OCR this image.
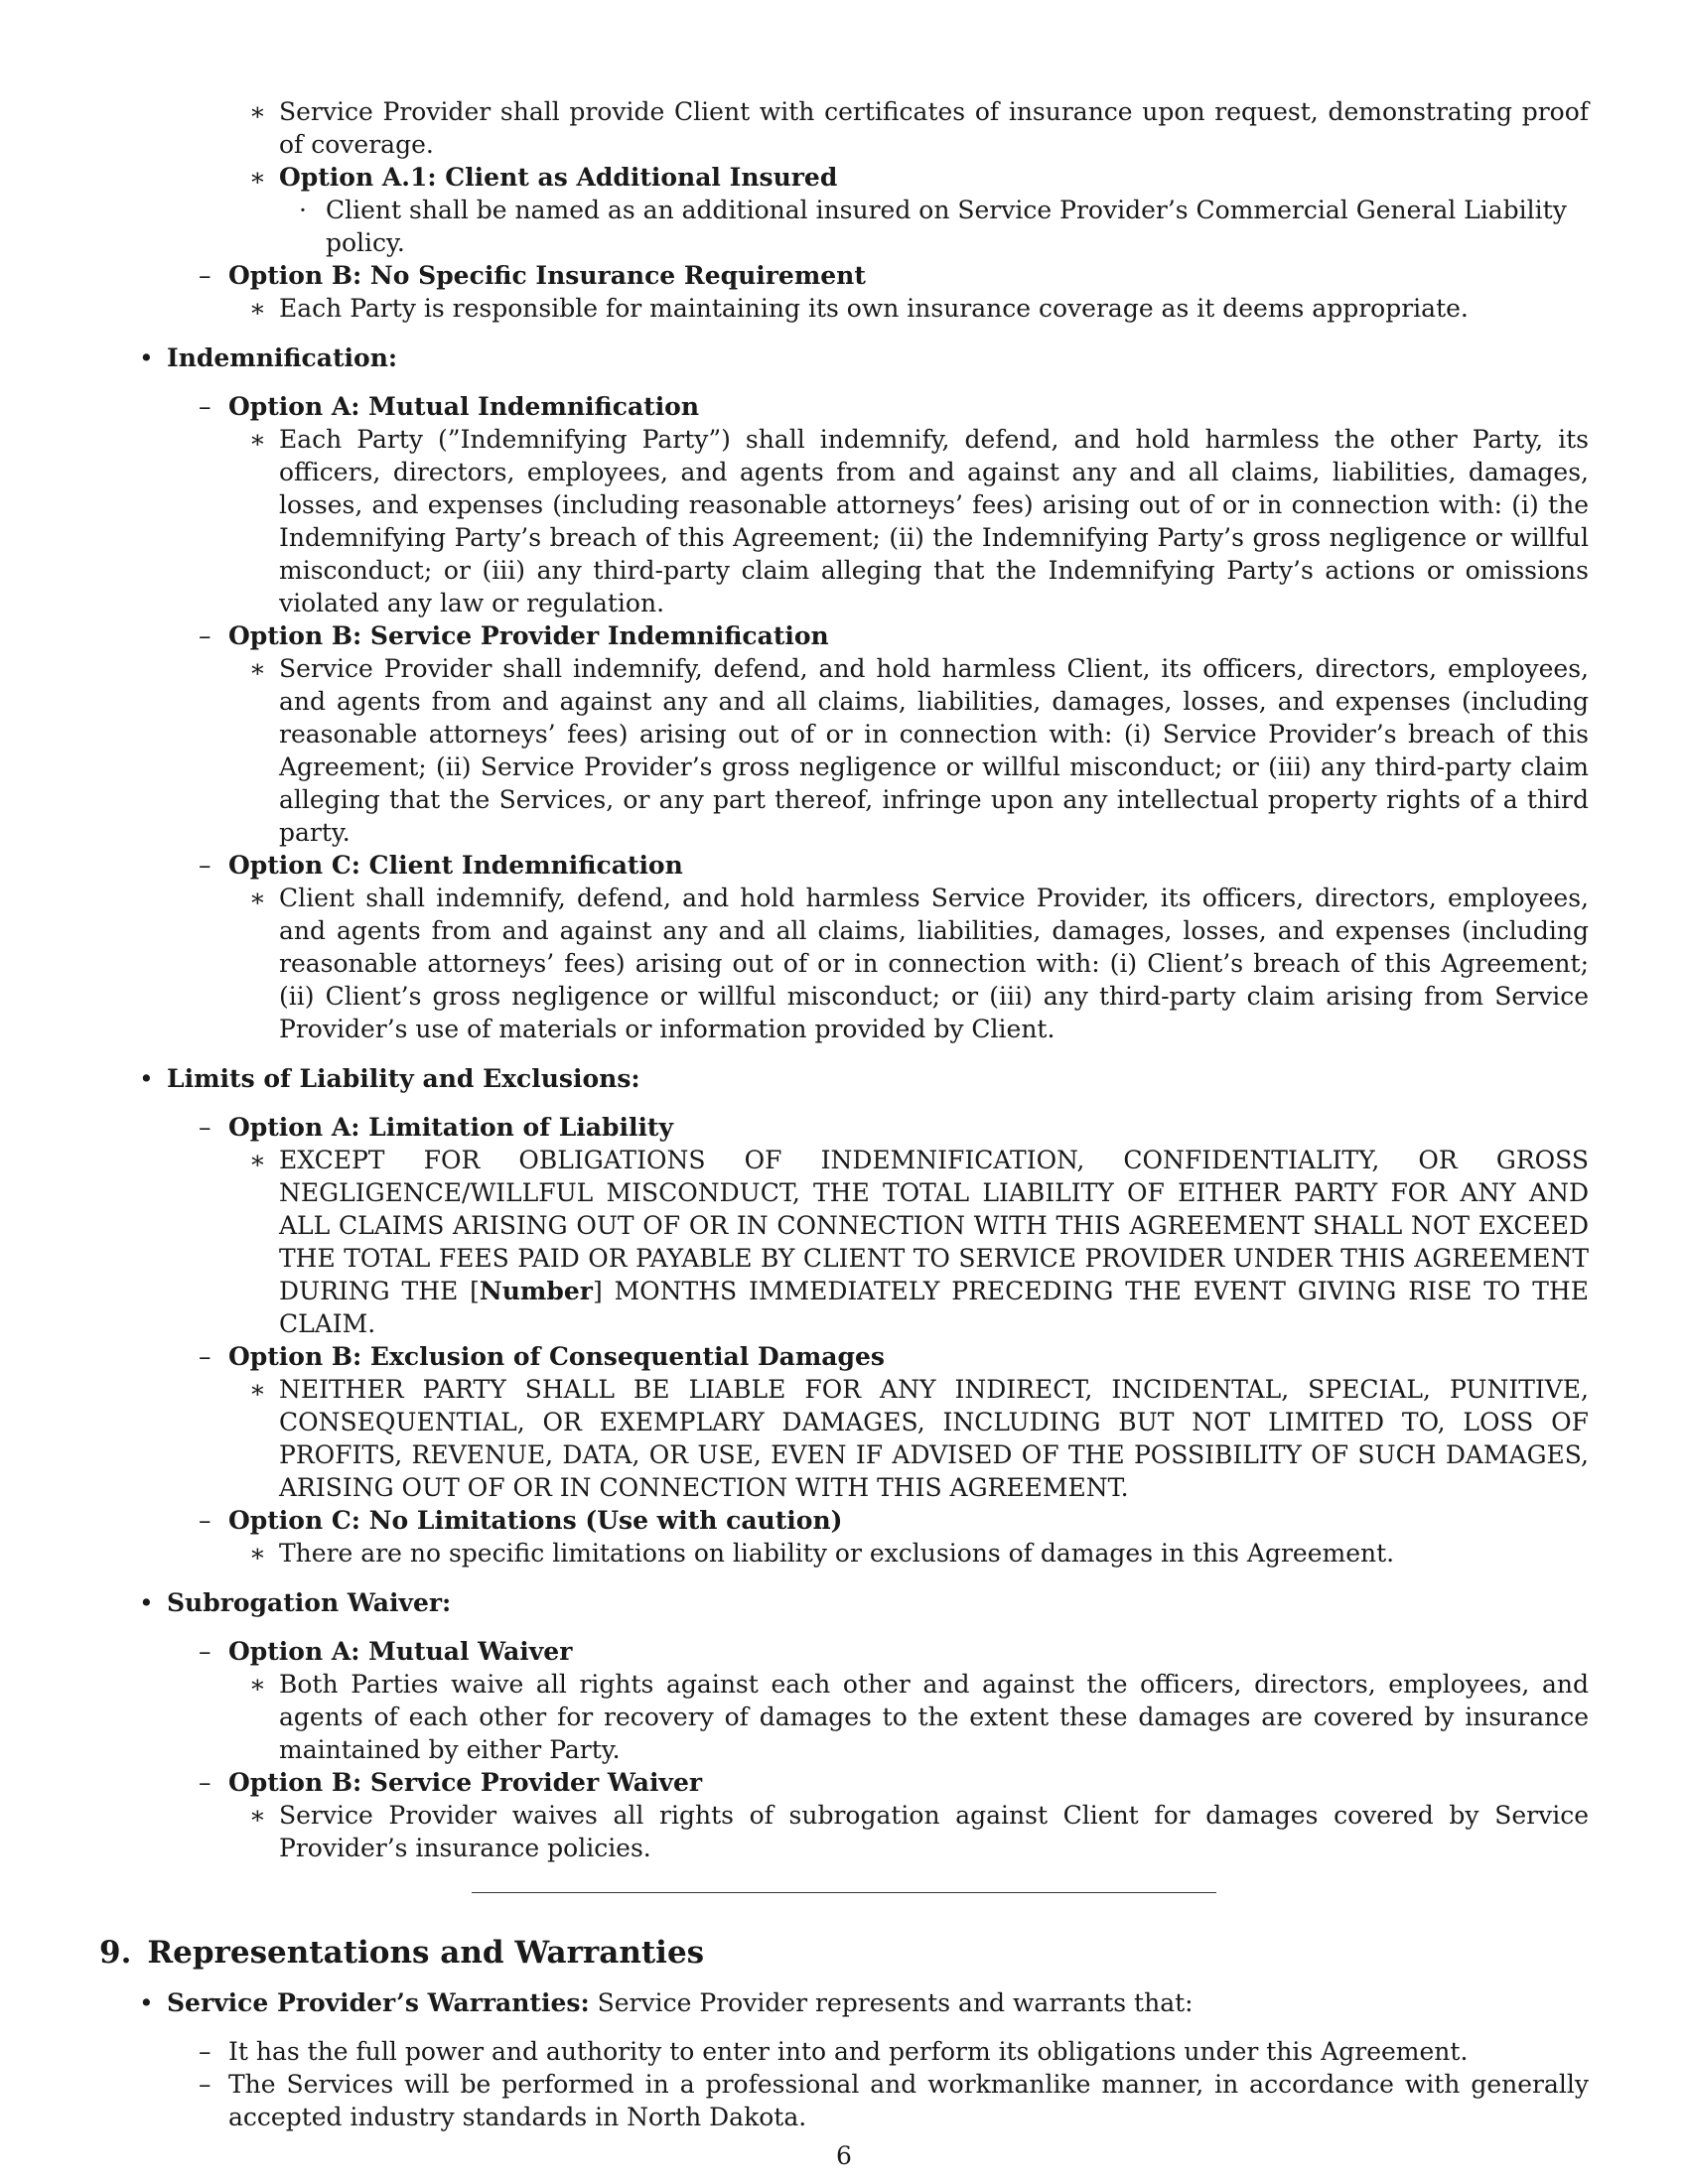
∗ Service Provider shall provide Client with certificates of insurance upon request, demonstrating proof of coverage.
∗ Option A.1: Client as Additional Insured
· Client shall be named as an additional insured on Service Provider’s Commercial General Liability policy.
– Option B: No Specific Insurance Requirement
∗ Each Party is responsible for maintaining its own insurance coverage as it deems appropriate.
• Indemnification:
– Option A: Mutual Indemnification
∗ Each Party (”Indemnifying Party”) shall indemnify, defend, and hold harmless the other Party, its officers, directors, employees, and agents from and against any and all claims, liabilities, damages, losses, and expenses (including reasonable attorneys’ fees) arising out of or in connection with: (i) the Indemnifying Party’s breach of this Agreement; (ii) the Indemnifying Party’s gross negligence or willful misconduct; or (iii) any third-party claim alleging that the Indemnifying Party’s actions or omissions violated any law or regulation.
– Option B: Service Provider Indemnification
∗ Service Provider shall indemnify, defend, and hold harmless Client, its officers, directors, employees, and agents from and against any and all claims, liabilities, damages, losses, and expenses (including reasonable attorneys’ fees) arising out of or in connection with: (i) Service Provider’s breach of this Agreement; (ii) Service Provider’s gross negligence or willful misconduct; or (iii) any third-party claim alleging that the Services, or any part thereof, infringe upon any intellectual property rights of a third party.
– Option C: Client Indemnification
∗ Client shall indemnify, defend, and hold harmless Service Provider, its officers, directors, employees, and agents from and against any and all claims, liabilities, damages, losses, and expenses (including reasonable attorneys’ fees) arising out of or in connection with: (i) Client’s breach of this Agreement; (ii) Client’s gross negligence or willful misconduct; or (iii) any third-party claim arising from Service Provider’s use of materials or information provided by Client.
• Limits of Liability and Exclusions:
– Option A: Limitation of Liability
∗ EXCEPT FOR OBLIGATIONS OF INDEMNIFICATION, CONFIDENTIALITY, OR GROSS NEGLIGENCE/WILLFUL MISCONDUCT, THE TOTAL LIABILITY OF EITHER PARTY FOR ANY AND ALL CLAIMS ARISING OUT OF OR IN CONNECTION WITH THIS AGREEMENT SHALL NOT EXCEED THE TOTAL FEES PAID OR PAYABLE BY CLIENT TO SERVICE PROVIDER UNDER THIS AGREEMENT DURING THE [Number] MONTHS IMMEDIATELY PRECEDING THE EVENT GIVING RISE TO THE CLAIM.
– Option B: Exclusion of Consequential Damages
∗ NEITHER PARTY SHALL BE LIABLE FOR ANY INDIRECT, INCIDENTAL, SPECIAL, PUNITIVE, CONSEQUENTIAL, OR EXEMPLARY DAMAGES, INCLUDING BUT NOT LIMITED TO, LOSS OF PROFITS, REVENUE, DATA, OR USE, EVEN IF ADVISED OF THE POSSIBILITY OF SUCH DAMAGES, ARISING OUT OF OR IN CONNECTION WITH THIS AGREEMENT.
– Option C: No Limitations (Use with caution)
∗ There are no specific limitations on liability or exclusions of damages in this Agreement.
• Subrogation Waiver:
– Option A: Mutual Waiver
∗ Both Parties waive all rights against each other and against the officers, directors, employees, and agents of each other for recovery of damages to the extent these damages are covered by insurance maintained by either Party.
– Option B: Service Provider Waiver
∗ Service Provider waives all rights of subrogation against Client for damages covered by Service Provider’s insurance policies.
9. Representations and Warranties
• Service Provider’s Warranties: Service Provider represents and warrants that:
– It has the full power and authority to enter into and perform its obligations under this Agreement.
– The Services will be performed in a professional and workmanlike manner, in accordance with generally accepted industry standards in North Dakota.
6
